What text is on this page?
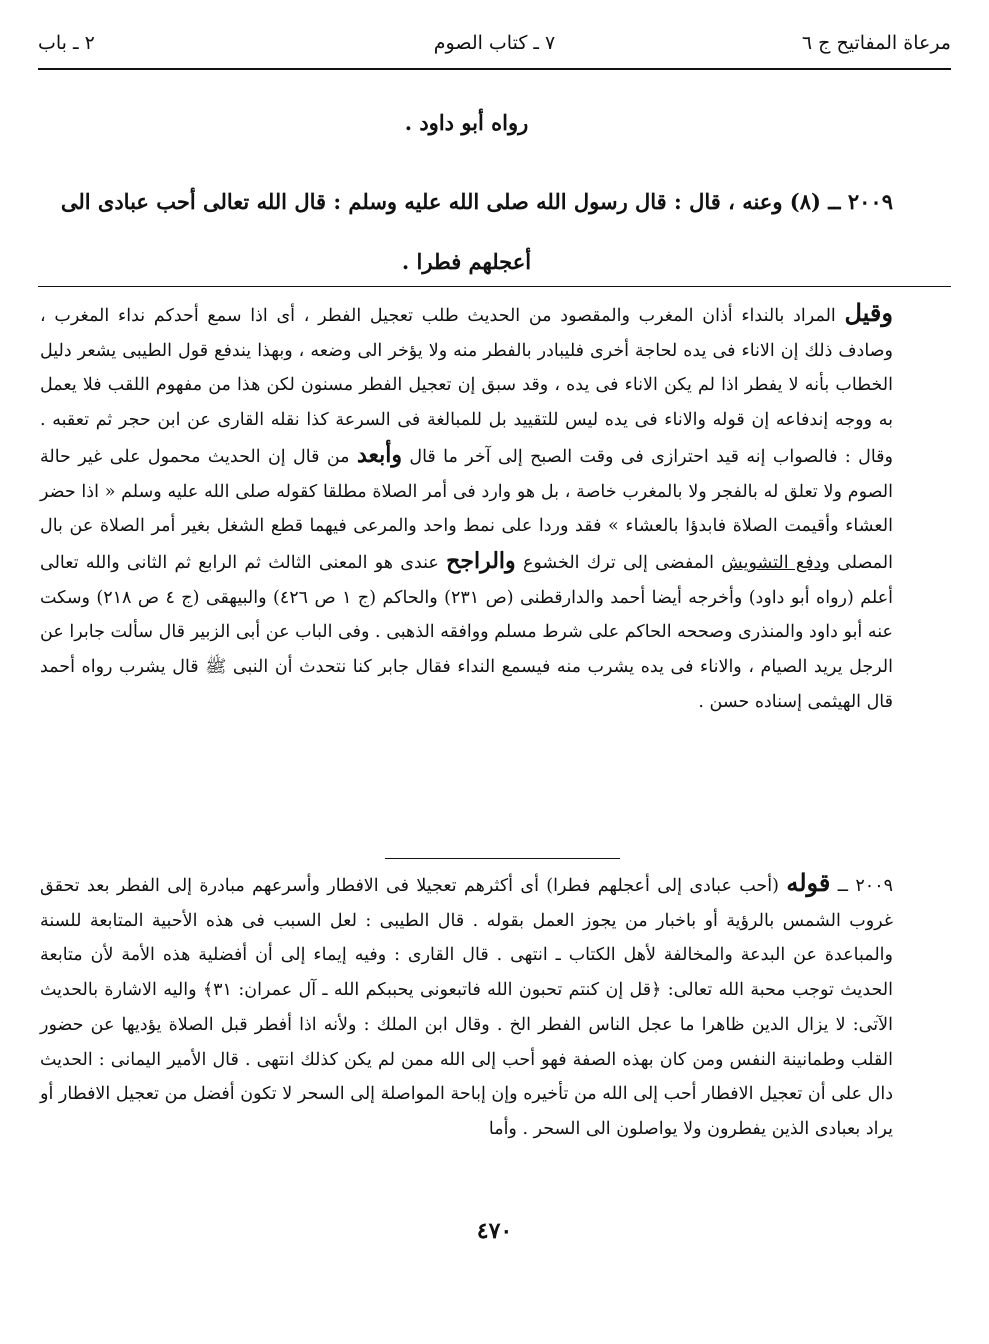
مرعاة المفاتيح ج ٦
٧ ـ كتاب الصوم
٢ ـ باب
رواه أبو داود .
٢٠٠٩ ــ (٨) وعنه ، قال : قال رسول الله صلى الله عليه وسلم : قال الله تعالى أحب عبادى الى
أعجلهم فطرا .
وقيل المراد بالنداء أذان المغرب والمقصود من الحديث طلب تعجيل الفطر ، أى اذا سمع أحدكم نداء المغرب ، وصادف ذلك إن الاناء فى يده لحاجة أخرى فليبادر بالفطر منه ولا يؤخر الى وضعه ، وبهذا يندفع قول الطيبى يشعر دليل الخطاب بأنه لا يفطر اذا لم يكن الاناء فى يده ، وقد سبق إن تعجيل الفطر مسنون لكن هذا من مفهوم اللقب فلا يعمل به ووجه إندفاعه إن قوله والاناء فى يده ليس للتقييد بل للمبالغة فى السرعة كذا نقله القارى عن ابن حجر ثم تعقبه . وقال : فالصواب إنه قيد احترازى فى وقت الصبح إلى آخر ما قال وأبعد من قال إن الحديث محمول على غير حالة الصوم ولا تعلق له بالفجر ولا بالمغرب خاصة ، بل هو وارد فى أمر الصلاة مطلقا كقوله صلى الله عليه وسلم « اذا حضر العشاء وأقيمت الصلاة فابدؤا بالعشاء » فقد وردا على نمط واحد والمرعى فيهما قطع الشغل بغير أمر الصلاة عن بال المصلى ودفع التشويش المفضى إلى ترك الخشوع والراجح عندى هو المعنى الثالث ثم الرابع ثم الثانى والله تعالى أعلم (رواه أبو داود) وأخرجه أيضا أحمد والدارقطنى (ص ٢٣١) والحاكم (ج ١ ص ٤٢٦) والبيهقى (ج ٤ ص ٢١٨) وسكت عنه أبو داود والمنذرى وصححه الحاكم على شرط مسلم ووافقه الذهبى . وفى الباب عن أبى الزبير قال سألت جابرا عن الرجل يريد الصيام ، والاناء فى يده يشرب منه فيسمع النداء فقال جابر كنا نتحدث أن النبى ﷺ قال يشرب رواه أحمد قال الهيثمى إسناده حسن .
٢٠٠٩ ــ قوله (أحب عبادى إلى أعجلهم فطرا) أى أكثرهم تعجيلا فى الافطار وأسرعهم مبادرة إلى الفطر بعد تحقق غروب الشمس بالرؤية أو باخبار من يجوز العمل بقوله . قال الطيبى : لعل السبب فى هذه الأحبية المتابعة للسنة والمباعدة عن البدعة والمخالفة لأهل الكتاب ـ انتهى . قال القارى : وفيه إيماء إلى أن أفضلية هذه الأمة لأن متابعة الحديث توجب محبة الله تعالى: ﴿قل إن كنتم تحبون الله فاتبعونى يحببكم الله ـ آل عمران: ٣١﴾ واليه الاشارة بالحديث الآتى: لا يزال الدين ظاهرا ما عجل الناس الفطر الخ . وقال ابن الملك : ولأنه اذا أفطر قبل الصلاة يؤديها عن حضور القلب وطمانينة النفس ومن كان بهذه الصفة فهو أحب إلى الله ممن لم يكن كذلك انتهى . قال الأمير اليمانى : الحديث دال على أن تعجيل الافطار أحب إلى الله من تأخيره وإن إباحة المواصلة إلى السحر لا تكون أفضل من تعجيل الافطار أو يراد بعبادى الذين يفطرون ولا يواصلون الى السحر . وأما
٤٧٠
